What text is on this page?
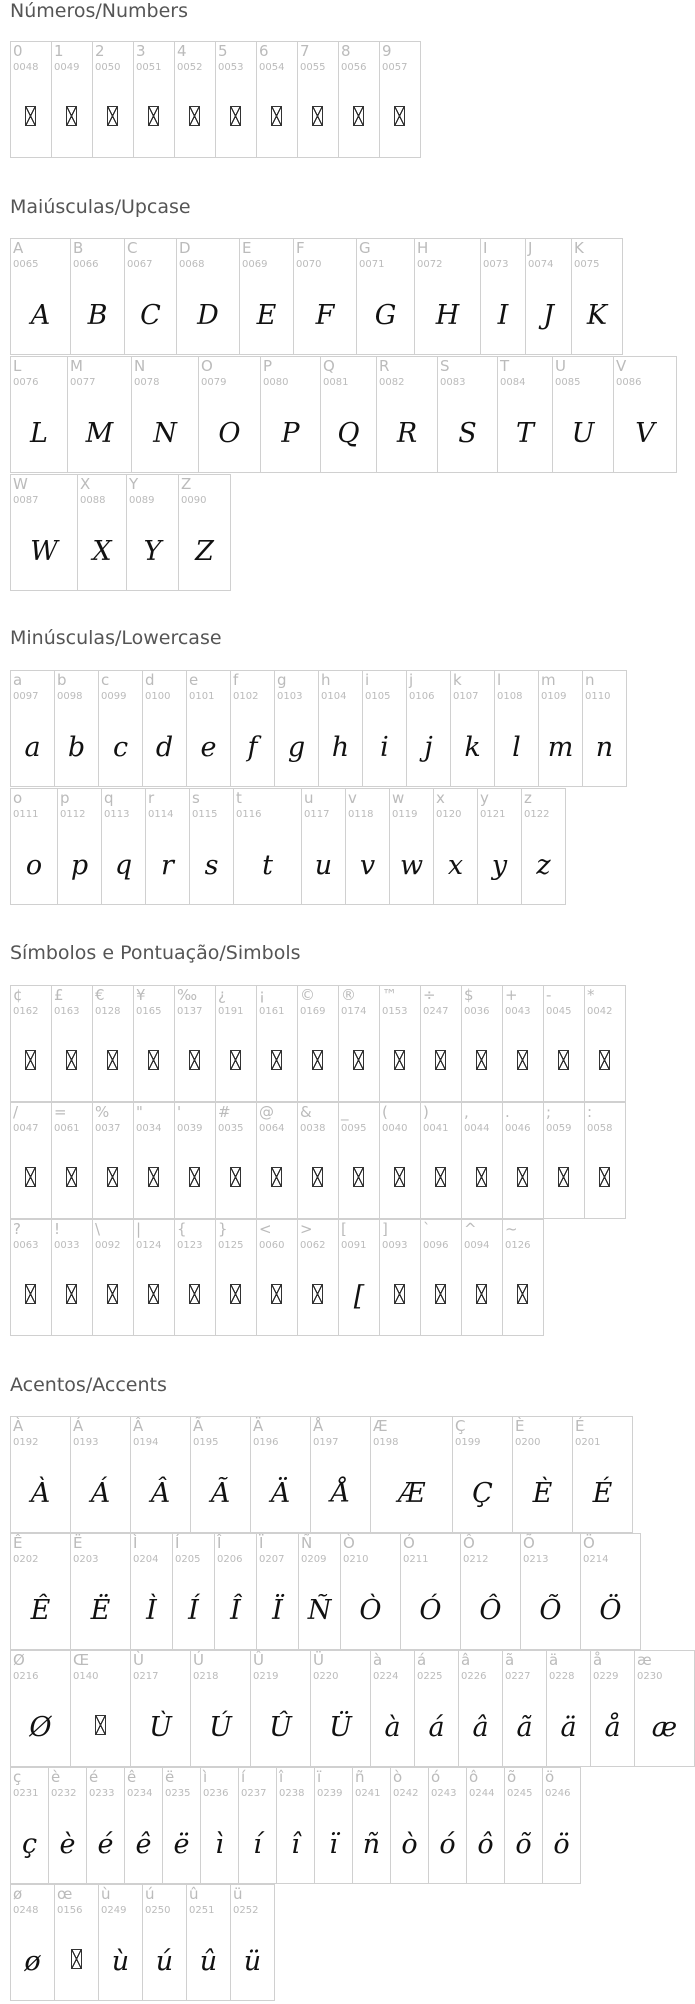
Números/Numbers
0
0048
1
0049
2
0050
3
0051
4
0052
5
0053
6
0054
7
0055
8
0056
9
0057
Maiúsculas/Upcase
A
0065
A
B
0066
B
C
0067
C
D
0068
D
E
0069
E
F
0070
F
G
0071
G
H
0072
H
I
0073
I
J
0074
J
K
0075
K
L
0076
L
M
0077
M
N
0078
N
O
0079
O
P
0080
P
Q
0081
Q
R
0082
R
S
0083
S
T
0084
T
U
0085
U
V
0086
V
W
0087
W
X
0088
X
Y
0089
Y
Z
0090
Z
Minúsculas/Lowercase
a
0097
a
b
0098
b
c
0099
c
d
0100
d
e
0101
e
f
0102
f
g
0103
g
h
0104
h
i
0105
i
j
0106
j
k
0107
k
l
0108
l
m
0109
m
n
0110
n
o
0111
o
p
0112
p
q
0113
q
r
0114
r
s
0115
s
t
0116
t
u
0117
u
v
0118
v
w
0119
w
x
0120
x
y
0121
y
z
0122
z
Símbolos e Pontuação/Simbols
¢
0162
£
0163
€
0128
¥
0165
‰
0137
¿
0191
¡
0161
©
0169
®
0174
™
0153
÷
0247
$
0036
+
0043
-
0045
*
0042
/
0047
=
0061
%
0037
"
0034
'
0039
#
0035
@
0064
&
0038
_
0095
(
0040
)
0041
,
0044
.
0046
;
0059
:
0058
?
0063
!
0033
\
0092
|
0124
{
0123
}
0125
<
0060
>
0062
[
0091
[
]
0093
`
0096
^
0094
~
0126
Acentos/Accents
À
0192
À
Á
0193
Á
Â
0194
Â
Ã
0195
Ã
Ä
0196
Ä
Å
0197
Å
Æ
0198
Æ
Ç
0199
Ç
È
0200
È
É
0201
É
Ê
0202
Ê
Ë
0203
Ë
Ì
0204
Ì
Í
0205
Í
Î
0206
Î
Ï
0207
Ï
Ñ
0209
Ñ
Ò
0210
Ò
Ó
0211
Ó
Ô
0212
Ô
Õ
0213
Õ
Ö
0214
Ö
Ø
0216
Ø
Œ
0140
Ù
0217
Ù
Ú
0218
Ú
Û
0219
Û
Ü
0220
Ü
à
0224
à
á
0225
á
â
0226
â
ã
0227
ã
ä
0228
ä
å
0229
å
æ
0230
æ
ç
0231
ç
è
0232
è
é
0233
é
ê
0234
ê
ë
0235
ë
ì
0236
ì
í
0237
í
î
0238
î
ï
0239
ï
ñ
0241
ñ
ò
0242
ò
ó
0243
ó
ô
0244
ô
õ
0245
õ
ö
0246
ö
ø
0248
ø
œ
0156
ù
0249
ù
ú
0250
ú
û
0251
û
ü
0252
ü
